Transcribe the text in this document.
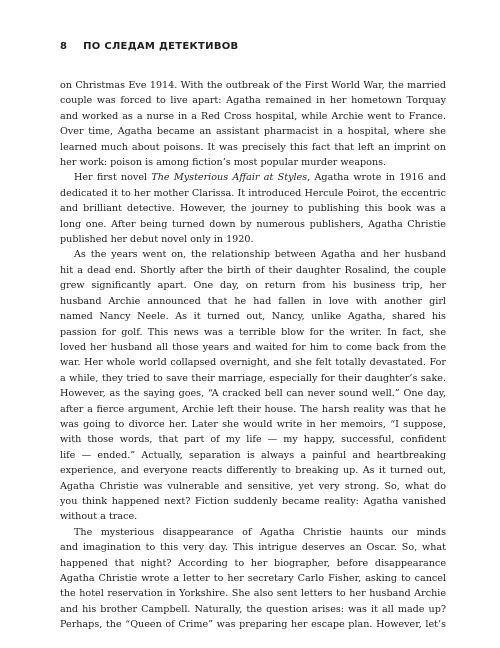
8 ПО СЛЕДАМ ДЕТЕКТИВОВ

on Christmas Eve 1914. With the outbreak of the First World War, the married
couple was forced to live apart: Agatha remained in her hometown Torquay
and worked as a nurse in a Red Cross hospital, while Archie went to France.
Over time, Agatha became an assistant pharmacist in a hospital, where she
learned much about poisons. It was precisely this fact that left an imprint on
her work: poison is among fiction’s most popular murder weapons.

Her first novel The Mysterious Affair at Styles, Agatha wrote in 1916 and
dedicated it to her mother Clarissa. It introduced Hercule Poirot, the eccentric
and brilliant detective. However, the journey to publishing this book was a
long one. After being turned down by numerous publishers, Agatha Christie
published her debut novel only in 1920.

As the years went on, the relationship between Agatha and her husband
hit a dead end. Shortly after the birth of their daughter Rosalind, the couple
grew significantly apart. One day, on return from his business trip, her
husband Archie announced that he had fallen in love with another girl
named Nancy Neele. As it turned out, Nancy, unlike Agatha, shared his
passion for golf. This news was a terrible blow for the writer. In fact, she
loved her husband all those years and waited for him to come back from the
war. Her whole world collapsed overnight, and she felt totally devastated. For
a while, they tried to save their marriage, especially for their daughter’s sake.
However, as the saying goes, “A cracked bell can never sound well.” One day,
after a fierce argument, Archie left their house. The harsh reality was that he
was going to divorce her. Later she would write in her memoirs, “I suppose,
with those words, that part of my life — my happy, successful, confident
life — ended.” Actually, separation is always a painful and heartbreaking
experience, and everyone reacts differently to breaking up. As it turned out,
Agatha Christie was vulnerable and sensitive, yet very strong. So, what do
you think happened next? Fiction suddenly became reality: Agatha vanished
without a trace.

The mysterious disappearance of Agatha Christie haunts our minds
and imagination to this very day. This intrigue deserves an Oscar. So, what
happened that night? According to her biographer, before disappearance
Agatha Christie wrote a letter to her secretary Carlo Fisher, asking to cancel
the hotel reservation in Yorkshire. She also sent letters to her husband Archie
and his brother Campbell. Naturally, the question arises: was it all made up?
Perhaps, the “Queen of Crime” was preparing her escape plan. However, let’s
